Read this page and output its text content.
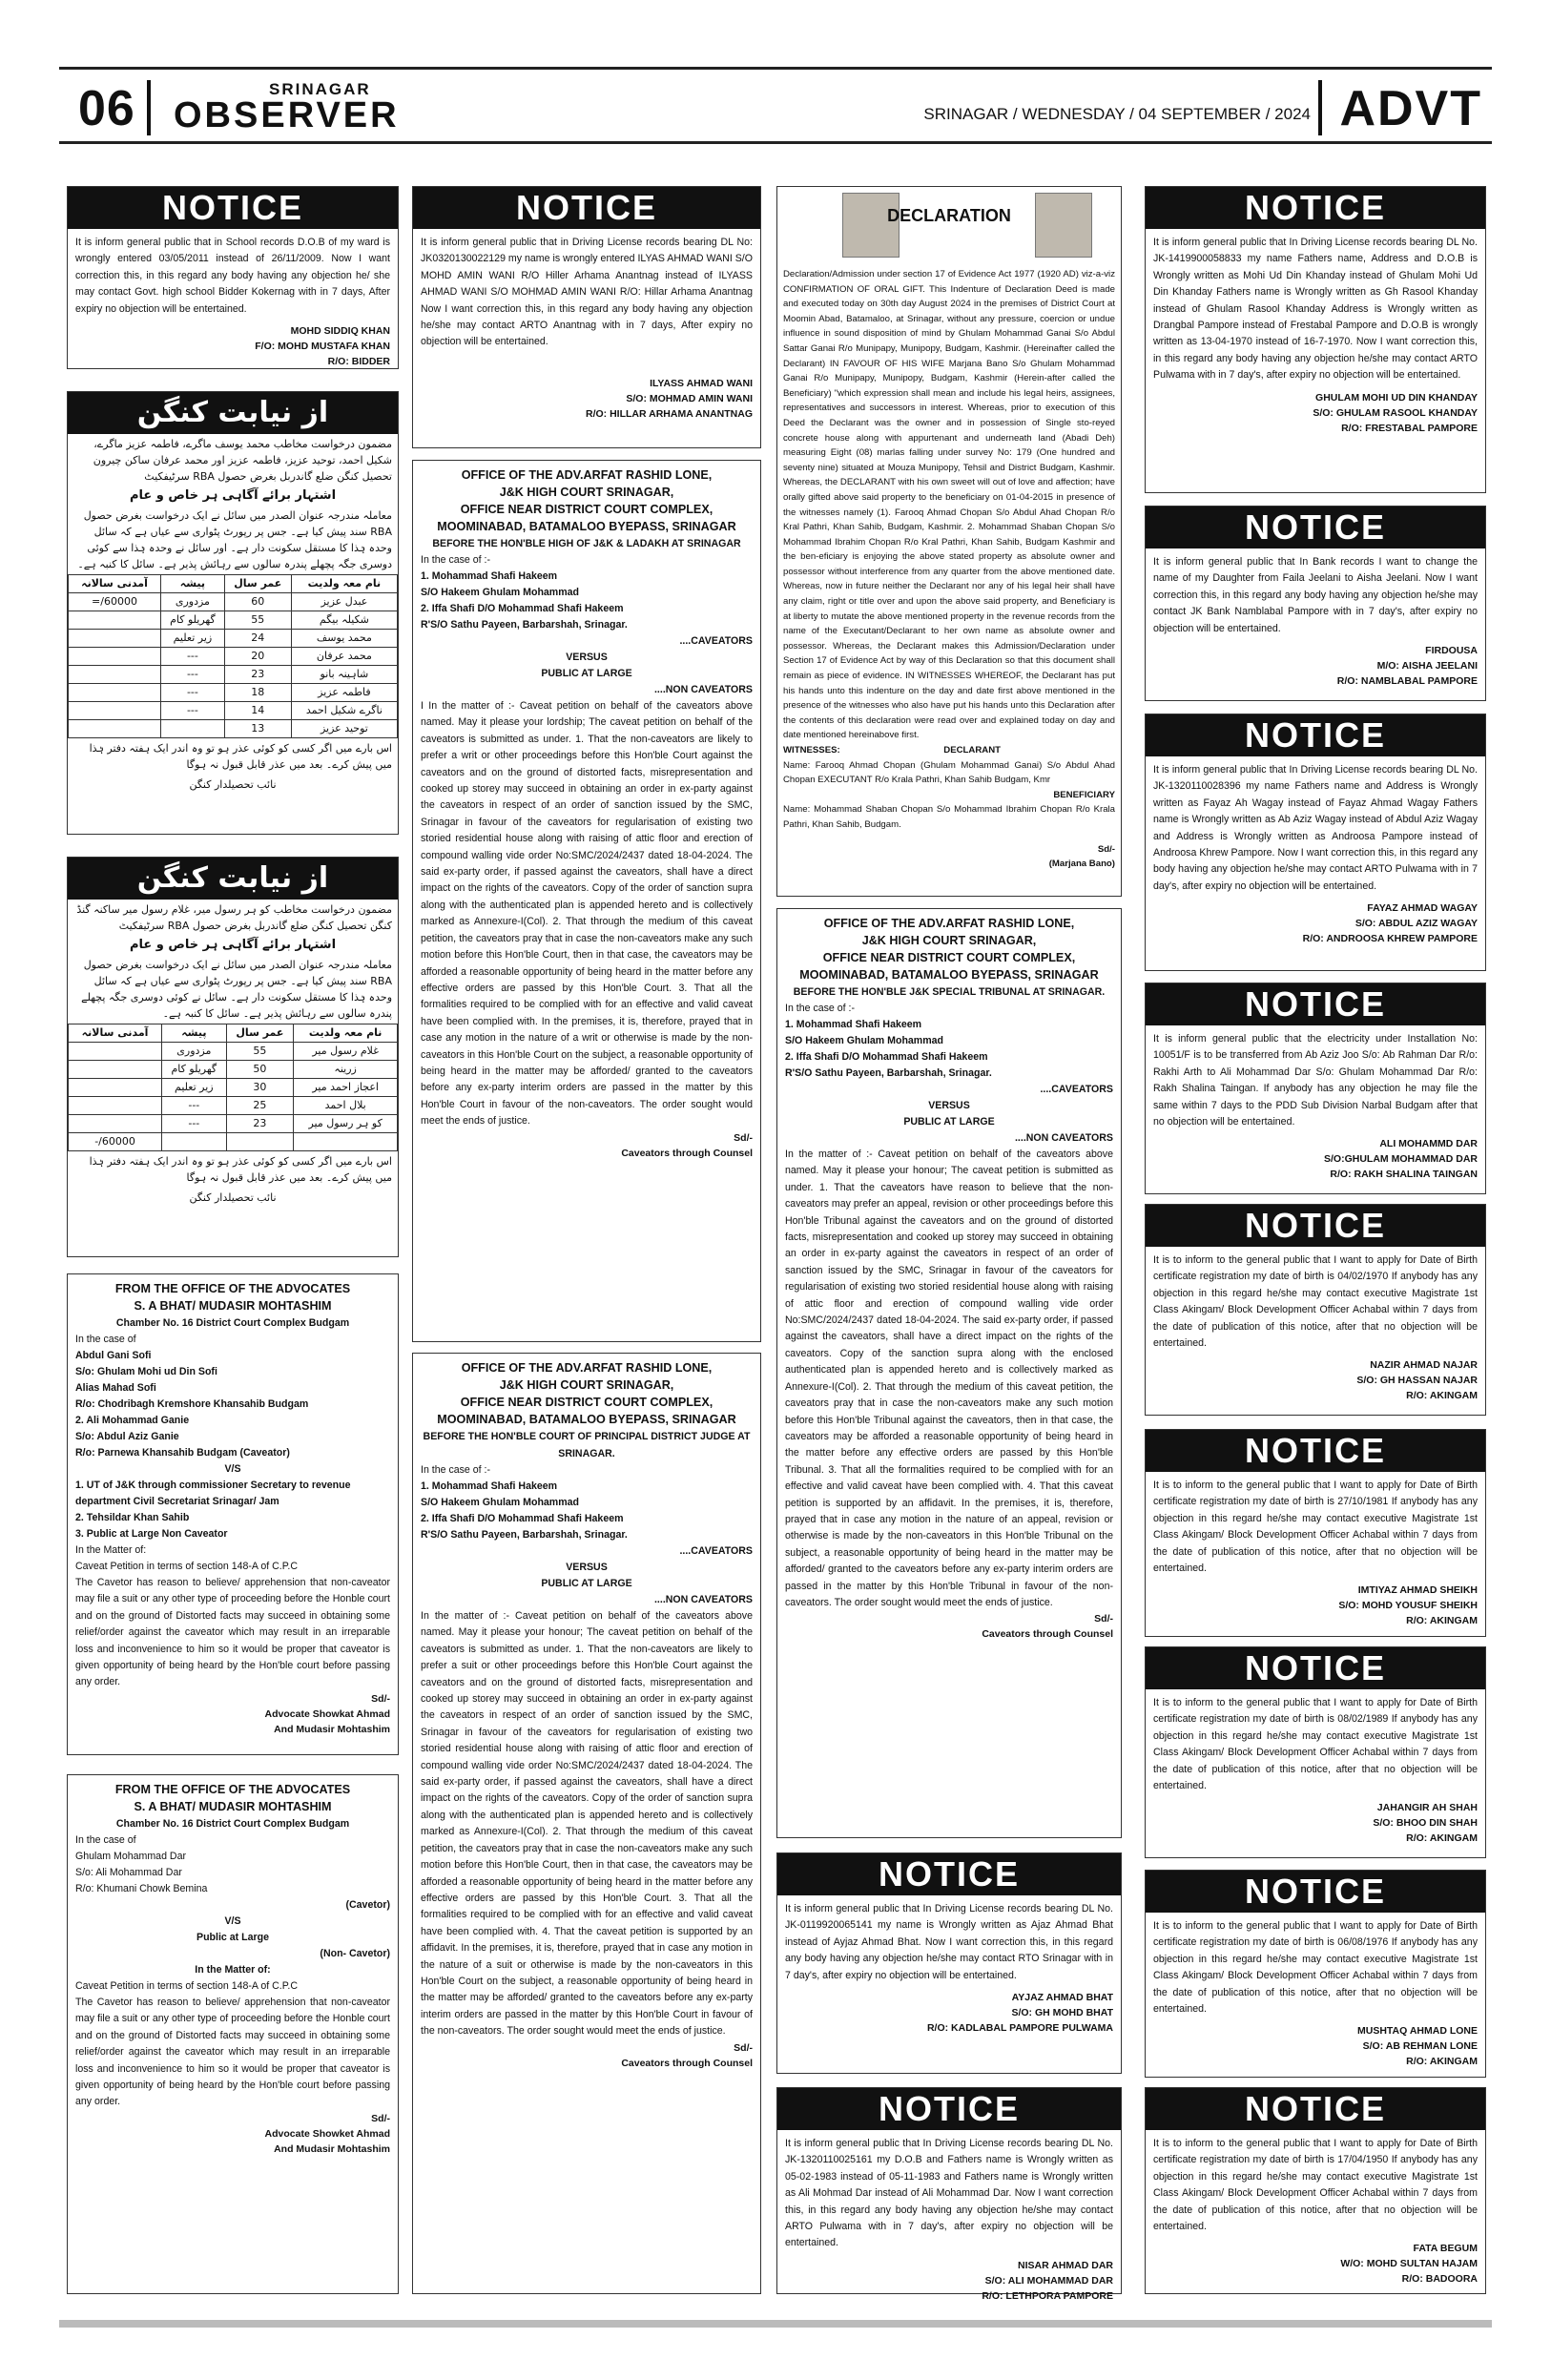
06	SRINAGAR
OBSERVER	SRINAGAR / WEDNESDAY / 04 SEPTEMBER / 2024 ADVT
NOTICE
It is inform general public that in School records D.O.B of my ward is wrongly entered 03/05/2011 instead of 26/11/2009. Now I want correction this, in this regard any body having any objection he/ she may contact Govt. high school Bidder Kokernag with in 7 days, After expiry no objection will be entertained.
MOHD SIDDIQ KHAN
F/O: MOHD MUSTAFA KHAN
R/O: BIDDER
از نیابت کنگن
مضمون درخواست مخاطب محمد یوسف ماگرے، فاطمہ عزیز ماگرے، شکیل احمد، توحید عزیز، فاطمہ عزیز اور محمد عرفان ساکن چیرون تحصیل کنگن ضلع گاندربل بغرض حصول RBA سرٹیفکیٹ
اشتہار برائے آگاہی ہر خاص و عام
معاملہ مندرجہ عنوان الصدر میں سائل نے ایک درخواست بغرض حصول RBA سند پیش کیا ہے۔ جس پر رپورٹ پٹواری سے عیاں ہے کہ سائل وحدہ ہٰذا کا مستقل سکونت دار ہے۔ اور سائل نے وحدہ ہٰذا سے کوئی دوسری جگہ پچھلے پندرہ سالوں سے رہائش پذیر ہے۔ سائل کا کنبہ ہے۔
نام معہ ولدیت	عمر سال	پیشہ	آمدنی سالانہ
عبدل عزیز	60	مزدوری	60000/=
شکیلہ بیگم	55	گھریلو کام	
محمد یوسف	24	زیر تعلیم	
محمد عرفان	20	---	
شاہینہ بانو	23	---	
فاطمہ عزیز	18	---	
ناگرے شکیل احمد	14	---	
توحید عزیز	13		
اس بارے میں اگر کسی کو کوئی عذر ہو تو وہ اندر ایک ہفتہ دفتر ہٰذا میں پیش کرے۔ بعد میں عذر قابل قبول نہ ہوگا
نائب تحصیلدار کنگن
از نیابت کنگن
مضمون درخواست مخاطب کو ہر رسول میر، غلام رسول میر ساکنہ گنڈ کنگن تحصیل کنگن ضلع گاندربل بغرض حصول RBA سرٹیفکیٹ
اشتہار برائے آگاہی ہر خاص و عام
معاملہ مندرجہ عنوان الصدر میں سائل نے ایک درخواست بغرض حصول RBA سند پیش کیا ہے۔ جس پر رپورٹ پٹواری سے عیاں ہے کہ سائل وحدہ ہٰذا کا مستقل سکونت دار ہے۔ سائل نے کوئی دوسری جگہ پچھلے پندرہ سالوں سے رہائش پذیر ہے۔ سائل کا کنبہ ہے۔
نام معہ ولدیت	عمر سال	پیشہ	آمدنی سالانہ
غلام رسول میر	55	مزدوری	
زرینہ	50	گھریلو کام	
اعجاز احمد میر	30	زیر تعلیم	
بلال احمد	25	---	
کو ہر رسول میر	23	---	
			60000/-
اس بارے میں اگر کسی کو کوئی عذر ہو تو وہ اندر ایک ہفتہ دفتر ہٰذا میں پیش کرے۔ بعد میں عذر قابل قبول نہ ہوگا
نائب تحصیلدار کنگن
FROM THE OFFICE OF THE ADVOCATES
S. A BHAT/ MUDASIR MOHTASHIM
Chamber No. 16 District Court Complex Budgam
In the case of
Abdul Gani Sofi
S/o: Ghulam Mohi ud Din Sofi
Alias Mahad Sofi
R/o: Chodribagh Kremshore Khansahib Budgam
2. Ali Mohammad Ganie
S/o: Abdul Aziz Ganie
R/o: Parnewa Khansahib Budgam (Caveator)
V/S
1. UT of J&K through commissioner Secretary to revenue department Civil Secretariat Srinagar/ Jam
2. Tehsildar Khan Sahib
3. Public at Large Non Caveator
In the Matter of:
Caveat Petition in terms of section 148-A of C.P.C
The Cavetor has reason to believe/ apprehension that non-caveator may file a suit or any other type of proceeding before the Honble court and on the ground of Distorted facts may succeed in obtaining some relief/order against the caveator which may result in an irreparable loss and inconvenience to him so it would be proper that caveator is given opportunity of being heard by the Hon'ble court before passing any order.
Sd/-
Advocate Showkat Ahmad
And Mudasir Mohtashim
FROM THE OFFICE OF THE ADVOCATES
S. A BHAT/ MUDASIR MOHTASHIM
Chamber No. 16 District Court Complex Budgam
In the case of
Ghulam Mohammad Dar
S/o: Ali Mohammad Dar
R/o: Khumani Chowk Bemina
(Cavetor)
V/S
Public at Large
(Non- Cavetor)
In the Matter of:
Caveat Petition in terms of section 148-A of C.P.C
The Cavetor has reason to believe/ apprehension that non-caveator may file a suit or any other type of proceeding before the Honble court and on the ground of Distorted facts may succeed in obtaining some relief/order against the caveator which may result in an irreparable loss and inconvenience to him so it would be proper that caveator is given opportunity of being heard by the Hon'ble court before passing any order.
Sd/-
Advocate Showket Ahmad
And Mudasir Mohtashim
NOTICE
It is inform general public that in Driving License records bearing DL No: JK0320130022129 my name is wrongly entered ILYAS AHMAD WANI S/O MOHD AMIN WANI R/O Hiller Arhama Anantnag instead of ILYASS AHMAD WANI S/O MOHMAD AMIN WANI R/O: Hillar Arhama Anantnag Now I want correction this, in this regard any body having any objection he/she may contact ARTO Anantnag with in 7 days, After expiry no objection will be entertained.
ILYASS AHMAD WANI
S/O: MOHMAD AMIN WANI
R/O: HILLAR ARHAMA ANANTNAG
OFFICE OF THE ADV.ARFAT RASHID LONE,
J&K HIGH COURT SRINAGAR,
OFFICE NEAR DISTRICT COURT COMPLEX,
MOOMINABAD, BATAMALOO BYEPASS, SRINAGAR
BEFORE THE HON'BLE HIGH OF J&K & LADAKH AT SRINAGAR
In the case of :-
1. Mohammad Shafi Hakeem
S/O Hakeem Ghulam Mohammad
2. Iffa Shafi D/O Mohammad Shafi Hakeem
R'S/O Sathu Payeen, Barbarshah, Srinagar.
....CAVEATORS
VERSUS
PUBLIC AT LARGE
....NON CAVEATORS
I In the matter of :- Caveat petition on behalf of the caveators above named. May it please your lordship; The caveat petition on behalf of the caveators is submitted as under. 1. That the non-caveators are likely to prefer a writ or other proceedings before this Hon'ble Court against the caveators and on the ground of distorted facts, misrepresentation and cooked up storey may succeed in obtaining an order in ex-party against the caveators in respect of an order of sanction issued by the SMC, Srinagar in favour of the caveators for regularisation of existing two storied residential house along with raising of attic floor and erection of compound walling vide order No:SMC/2024/2437 dated 18-04-2024. The said ex-party order, if passed against the caveators, shall have a direct impact on the rights of the caveators. Copy of the order of sanction supra along with the authenticated plan is appended hereto and is collectively marked as Annexure-I(Col). 2. That through the medium of this caveat petition, the caveators pray that in case the non-caveators make any such motion before this Hon'ble Court, then in that case, the caveators may be afforded a reasonable opportunity of being heard in the matter before any effective orders are passed by this Hon'ble Court. 3. That all the formalities required to be complied with for an effective and valid caveat have been complied with. In the premises, it is, therefore, prayed that in case any motion in the nature of a writ or otherwise is made by the non-caveators in this Hon'ble Court on the subject, a reasonable opportunity of being heard in the matter may be afforded/ granted to the caveators before any ex-party interim orders are passed in the matter by this Hon'ble Court in favour of the non-caveators. The order sought would meet the ends of justice.
Sd/-
Caveators through Counsel
OFFICE OF THE ADV.ARFAT RASHID LONE,
J&K HIGH COURT SRINAGAR,
OFFICE NEAR DISTRICT COURT COMPLEX,
MOOMINABAD, BATAMALOO BYEPASS, SRINAGAR
BEFORE THE HON'BLE COURT OF PRINCIPAL DISTRICT JUDGE AT SRINAGAR.
In the case of :-
1. Mohammad Shafi Hakeem
S/O Hakeem Ghulam Mohammad
2. Iffa Shafi D/O Mohammad Shafi Hakeem
R'S/O Sathu Payeen, Barbarshah, Srinagar.
....CAVEATORS
VERSUS
PUBLIC AT LARGE
....NON CAVEATORS
In the matter of :- Caveat petition on behalf of the caveators above named. May it please your honour; The caveat petition on behalf of the caveators is submitted as under. 1. That the non-caveators are likely to prefer a suit or other proceedings before this Hon'ble Court against the caveators and on the ground of distorted facts, misrepresentation and cooked up storey may succeed in obtaining an order in ex-party against the caveators in respect of an order of sanction issued by the SMC, Srinagar in favour of the caveators for regularisation of existing two storied residential house along with raising of attic floor and erection of compound walling vide order No:SMC/2024/2437 dated 18-04-2024. The said ex-party order, if passed against the caveators, shall have a direct impact on the rights of the caveators. Copy of the order of sanction supra along with the authenticated plan is appended hereto and is collectively marked as Annexure-I(Col). 2. That through the medium of this caveat petition, the caveators pray that in case the non-caveators make any such motion before this Hon'ble Court, then in that case, the caveators may be afforded a reasonable opportunity of being heard in the matter before any effective orders are passed by this Hon'ble Court. 3. That all the formalities required to be complied with for an effective and valid caveat have been complied with. 4. That the caveat petition is supported by an affidavit. In the premises, it is, therefore, prayed that in case any motion in the nature of a suit or otherwise is made by the non-caveators in this Hon'ble Court on the subject, a reasonable opportunity of being heard in the matter may be afforded/ granted to the caveators before any ex-party interim orders are passed in the matter by this Hon'ble Court in favour of the non-caveators. The order sought would meet the ends of justice.
Sd/-
Caveators through Counsel
DECLARATION
Declaration/Admission under section 17 of Evidence Act 1977 (1920 AD) viz-a-viz CONFIRMATION OF ORAL GIFT. This Indenture of Declaration Deed is made and executed today on 30th day August 2024 in the premises of District Court at Moomin Abad, Batamaloo, at Srinagar, without any pressure, coercion or undue influence in sound disposition of mind by Ghulam Mohammad Ganai S/o Abdul Sattar Ganai R/o Munipapy, Munipopy, Budgam, Kashmir. (Hereinafter called the Declarant) IN FAVOUR OF HIS WIFE Marjana Bano S/o Ghulam Mohammad Ganai R/o Munipapy, Munipopy, Budgam, Kashmir (Herein-after called the Beneficiary) "which expression shall mean and include his legal heirs, assignees, representatives and successors in interest. Whereas, prior to execution of this Deed the Declarant was the owner and in possession of Single sto-reyed concrete house along with appurtenant and underneath land (Abadi Deh) measuring Eight (08) marlas falling under survey No: 179 (One hundred and seventy nine) situated at Mouza Munipopy, Tehsil and District Budgam, Kashmir. Whereas, the DECLARANT with his own sweet will out of love and affection; have orally gifted above said property to the beneficiary on 01-04-2015 in presence of the witnesses namely (1). Farooq Ahmad Chopan S/o Abdul Ahad Chopan R/o Kral Pathri, Khan Sahib, Budgam, Kashmir. 2. Mohammad Shaban Chopan S/o Mohammad Ibrahim Chopan R/o Kral Pathri, Khan Sahib, Budgam Kashmir and the ben-eficiary is enjoying the above stated property as absolute owner and possessor without interference from any quarter from the above mentioned date. Whereas, now in future neither the Declarant nor any of his legal heir shall have any claim, right or title over and upon the above said property, and Beneficiary is at liberty to mutate the above mentioned property in the revenue records from the name of the Executant/Declarant to her own name as absolute owner and possessor. Whereas, the Declarant makes this Admission/Declaration under Section 17 of Evidence Act by way of this Declaration so that this document shall remain as piece of evidence. IN WITNESSES WHEREOF, the Declarant has put his hands unto this indenture on the day and date first above mentioned in the presence of the witnesses who also have put his hands unto this Declaration after the contents of this declaration were read over and explained today on day and date mentioned hereinabove first.
WITNESSES:	DECLARANT
Name: Farooq Ahmad Chopan (Ghulam Mohammad Ganai) S/o Abdul Ahad Chopan EXECUTANT R/o Krala Pathri, Khan Sahib Budgam, Kmr
BENEFICIARY
Name: Mohammad Shaban Chopan S/o Mohammad Ibrahim Chopan R/o Krala Pathri, Khan Sahib, Budgam.
Sd/-
(Marjana Bano)
OFFICE OF THE ADV.ARFAT RASHID LONE,
J&K HIGH COURT SRINAGAR,
OFFICE NEAR DISTRICT COURT COMPLEX,
MOOMINABAD, BATAMALOO BYEPASS, SRINAGAR
BEFORE THE HON'BLE J&K SPECIAL TRIBUNAL AT SRINAGAR.
In the case of :-
1. Mohammad Shafi Hakeem
S/O Hakeem Ghulam Mohammad
2. Iffa Shafi D/O Mohammad Shafi Hakeem
R'S/O Sathu Payeen, Barbarshah, Srinagar.
....CAVEATORS
VERSUS
PUBLIC AT LARGE
....NON CAVEATORS
In the matter of :- Caveat petition on behalf of the caveators above named. May it please your honour; The caveat petition is submitted as under. 1. That the caveators have reason to believe that the non-caveators may prefer an appeal, revision or other proceedings before this Hon'ble Tribunal against the caveators and on the ground of distorted facts, misrepresentation and cooked up storey may succeed in obtaining an order in ex-party against the caveators in respect of an order of sanction issued by the SMC, Srinagar in favour of the caveators for regularisation of existing two storied residential house along with raising of attic floor and erection of compound walling vide order No:SMC/2024/2437 dated 18-04-2024. The said ex-party order, if passed against the caveators, shall have a direct impact on the rights of the caveators. Copy of the sanction supra along with the enclosed authenticated plan is appended hereto and is collectively marked as Annexure-I(Col). 2. That through the medium of this caveat petition, the caveators pray that in case the non-caveators make any such motion before this Hon'ble Tribunal against the caveators, then in that case, the caveators may be afforded a reasonable opportunity of being heard in the matter before any effective orders are passed by this Hon'ble Tribunal. 3. That all the formalities required to be complied with for an effective and valid caveat have been complied with. 4. That this caveat petition is supported by an affidavit. In the premises, it is, therefore, prayed that in case any motion in the nature of an appeal, revision or otherwise is made by the non-caveators in this Hon'ble Tribunal on the subject, a reasonable opportunity of being heard in the matter may be afforded/ granted to the caveators before any ex-party interim orders are passed in the matter by this Hon'ble Tribunal in favour of the non-caveators. The order sought would meet the ends of justice.
Sd/-
Caveators through Counsel
NOTICE
It is inform general public that In Driving License records bearing DL No. JK-0119920065141 my name is Wrongly written as Ajaz Ahmad Bhat instead of Ayjaz Ahmad Bhat. Now I want correction this, in this regard any body having any objection he/she may contact RTO Srinagar with in 7 day's, after expiry no objection will be entertained.
AYJAZ AHMAD BHAT
S/O: GH MOHD BHAT
R/O: KADLABAL PAMPORE PULWAMA
NOTICE
It is inform general public that In Driving License records bearing DL No. JK-1320110025161 my D.O.B and Fathers name is Wrongly written as 05-02-1983 instead of 05-11-1983 and Fathers name is Wrongly written as Ali Mohmad Dar instead of Ali Mohammad Dar. Now I want correction this, in this regard any body having any objection he/she may contact ARTO Pulwama with in 7 day's, after expiry no objection will be entertained.
NISAR AHMAD DAR
S/O: ALI MOHAMMAD DAR
R/O: LETHPORA PAMPORE
NOTICE
It is inform general public that In Driving License records bearing DL No. JK-1419900058833 my name Fathers name, Address and D.O.B is Wrongly written as Mohi Ud Din Khanday instead of Ghulam Mohi Ud Din Khanday Fathers name is Wrongly written as Gh Rasool Khanday instead of Ghulam Rasool Khanday Address is Wrongly written as Drangbal Pampore instead of Frestabal Pampore and D.O.B is wrongly written as 13-04-1970 instead of 16-7-1970. Now I want correction this, in this regard any body having any objection he/she may contact ARTO Pulwama with in 7 day's, after expiry no objection will be entertained.
GHULAM MOHI UD DIN KHANDAY
S/O: GHULAM RASOOL KHANDAY
R/O: FRESTABAL PAMPORE
NOTICE
It is inform general public that In Bank records I want to change the name of my Daughter from Faila Jeelani to Aisha Jeelani. Now I want correction this, in this regard any body having any objection he/she may contact JK Bank Namblabal Pampore with in 7 day's, after expiry no objection will be entertained.
FIRDOUSA
M/O: AISHA JEELANI
R/O: NAMBLABAL PAMPORE
NOTICE
It is inform general public that In Driving License records bearing DL No. JK-1320110028396 my name Fathers name and Address is Wrongly written as Fayaz Ah Wagay instead of Fayaz Ahmad Wagay Fathers name is Wrongly written as Ab Aziz Wagay instead of Abdul Aziz Wagay and Address is Wrongly written as Androosa Pampore instead of Androosa Khrew Pampore. Now I want correction this, in this regard any body having any objection he/she may contact ARTO Pulwama with in 7 day's, after expiry no objection will be entertained.
FAYAZ AHMAD WAGAY
S/O: ABDUL AZIZ WAGAY
R/O: ANDROOSA KHREW PAMPORE
NOTICE
It is inform general public that the electricity under Installation No: 10051/F is to be transferred from Ab Aziz Joo S/o: Ab Rahman Dar R/o: Rakhi Arth to Ali Mohammad Dar S/o: Ghulam Mohammad Dar R/o: Rakh Shalina Taingan. If anybody has any objection he may file the same within 7 days to the PDD Sub Division Narbal Budgam after that no objection will be entertained.
ALI MOHAMMD DAR
S/O:GHULAM MOHAMMAD DAR
R/O: RAKH SHALINA TAINGAN
NOTICE
It is to inform to the general public that I want to apply for Date of Birth certificate registration my date of birth is 04/02/1970 If anybody has any objection in this regard he/she may contact executive Magistrate 1st Class Akingam/ Block Development Officer Achabal within 7 days from the date of publication of this notice, after that no objection will be entertained.
NAZIR AHMAD NAJAR
S/O: GH HASSAN NAJAR
R/O: AKINGAM
NOTICE
It is to inform to the general public that I want to apply for Date of Birth certificate registration my date of birth is 27/10/1981 If anybody has any objection in this regard he/she may contact executive Magistrate 1st Class Akingam/ Block Development Officer Achabal within 7 days from the date of publication of this notice, after that no objection will be entertained.
IMTIYAZ AHMAD SHEIKH
S/O: MOHD YOUSUF SHEIKH
R/O: AKINGAM
NOTICE
It is to inform to the general public that I want to apply for Date of Birth certificate registration my date of birth is 08/02/1989 If anybody has any objection in this regard he/she may contact executive Magistrate 1st Class Akingam/ Block Development Officer Achabal within 7 days from the date of publication of this notice, after that no objection will be entertained.
JAHANGIR AH SHAH
S/O: BHOO DIN SHAH
R/O: AKINGAM
NOTICE
It is to inform to the general public that I want to apply for Date of Birth certificate registration my date of birth is 06/08/1976 If anybody has any objection in this regard he/she may contact executive Magistrate 1st Class Akingam/ Block Development Officer Achabal within 7 days from the date of publication of this notice, after that no objection will be entertained.
MUSHTAQ AHMAD LONE
S/O: AB REHMAN LONE
R/O: AKINGAM
NOTICE
It is to inform to the general public that I want to apply for Date of Birth certificate registration my date of birth is 17/04/1950 If anybody has any objection in this regard he/she may contact executive Magistrate 1st Class Akingam/ Block Development Officer Achabal within 7 days from the date of publication of this notice, after that no objection will be entertained.
FATA BEGUM
W/O: MOHD SULTAN HAJAM
R/O: BADOORA
